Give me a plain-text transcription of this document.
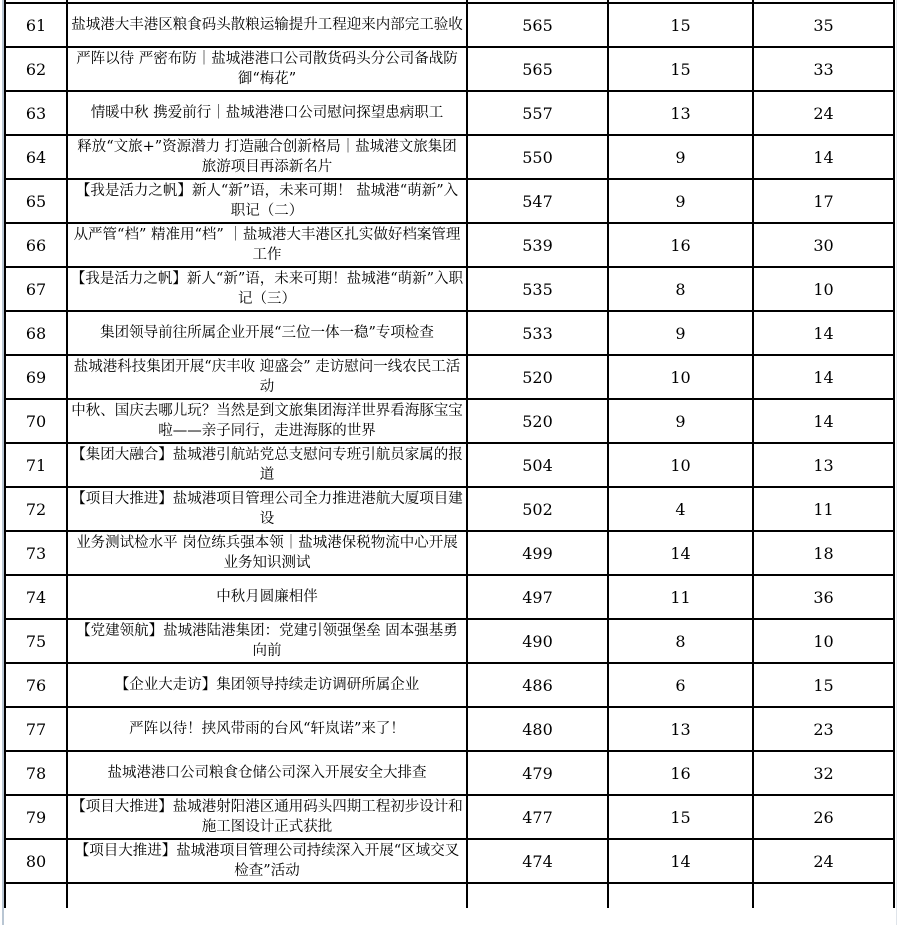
61	盐城港大丰港区粮食码头散粮运输提升工程迎来内部完工验收	565	15	35
62	严阵以待 严密布防｜盐城港港口公司散货码头分公司备战防御“梅花”	565	15	33
63	情暖中秋 携爱前行｜盐城港港口公司慰问探望患病职工	557	13	24
64	释放“文旅+”资源潜力 打造融合创新格局｜盐城港文旅集团旅游项目再添新名片	550	9	14
65	【我是活力之帆】新人“新”语，未来可期！ 盐城港“萌新”入职记（二）	547	9	17
66	从严管“档” 精准用“档” ｜盐城港大丰港区扎实做好档案管理工作	539	16	30
67	【我是活力之帆】新人“新”语，未来可期！盐城港“萌新”入职记（三）	535	8	10
68	集团领导前往所属企业开展“三位一体一稳”专项检查	533	9	14
69	盐城港科技集团开展“庆丰收 迎盛会” 走访慰问一线农民工活动	520	10	14
70	中秋、国庆去哪儿玩？当然是到文旅集团海洋世界看海豚宝宝啦——亲子同行，走进海豚的世界	520	9	14
71	【集团大融合】盐城港引航站党总支慰问专班引航员家属的报道	504	10	13
72	【项目大推进】盐城港项目管理公司全力推进港航大厦项目建设	502	4	11
73	业务测试检水平 岗位练兵强本领｜盐城港保税物流中心开展业务知识测试	499	14	18
74	中秋月圆廉相伴	497	11	36
75	【党建领航】盐城港陆港集团：党建引领强堡垒 固本强基勇向前	490	8	10
76	【企业大走访】集团领导持续走访调研所属企业	486	6	15
77	严阵以待！挟风带雨的台风“轩岚诺”来了！	480	13	23
78	盐城港港口公司粮食仓储公司深入开展安全大排查	479	16	32
79	【项目大推进】盐城港射阳港区通用码头四期工程初步设计和施工图设计正式获批	477	15	26
80	【项目大推进】盐城港项目管理公司持续深入开展“区域交叉检查”活动	474	14	24
